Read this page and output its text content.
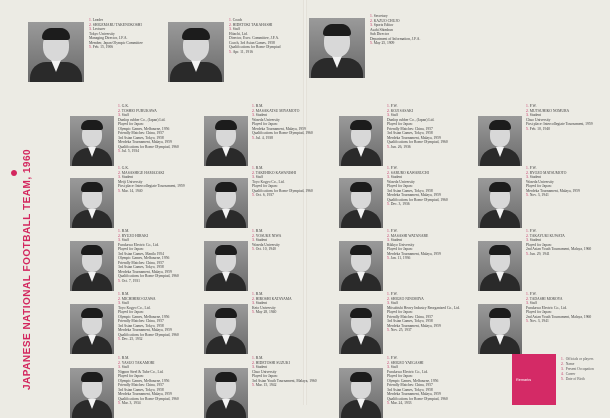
JAPANESE NATIONAL FOOTBALL TEAM, 1960
1.Leader
2.SHIGEMARU TAKENOKOSHI
3.Lecturer
Tokyo University
Managing Director, J.F.A.
Member, Japan Olympic Committee
5.Feb. 15, 1906
1.Coach
2.HIDETOKI TAKAHASHI
3.Staff
Hitachi, Ltd.
Director, Exec. Committee, J.F.A.
Coach, 3rd Asian Games, 1958
Qualifications for Rome Olympiad
5.Apr. 11, 1916
1.Secretary
2.KAZUO CHUJO
3.Sports Editor
Asahi Shimbun
Sub Director
Department of Information, J.F.A.
5.May 25, 1909
1.G.K.
2.TOSHIO FURUKAWA
3.Staff
Dunlop rubber Co., (Japan) Ltd.
Played for Japan:
Olympic Games, Melbourne, 1956
Friendly Matches: China, 1957
3rd Asian Games, Tokyo, 1958
Merdeka Tournament, Malaya, 1959
Qualifications for Rome Olympiad, 1960
5.Jul. 5, 1934
1.G.K.
2.MASASHIGE HAMAZAKI
3.Student
Meiji University
First place: Intercollegiate Tournament, 1959
5.Mar. 14, 1940
1.B.M.
2.RYUZO HIRAKI
3.Staff
Furukawa Electric Co., Ltd.
Played for Japan:
3rd Asian Games, Manila 1954
Olympic Games, Melbourne, 1956
Friendly Matches: China, 1957
3rd Asian Games, Tokyo, 1958
Merdeka Tournament, Malaya, 1959
Qualifications for Rome Olympiad, 1960
5.Oct. 7, 1931
1.B.M.
2.MICHIHIRO OZAWA
3.Staff
Toyo Kogyo Co., Ltd.
Played for Japan:
Olympic Games, Melbourne, 1956
Friendly Matches: China, 1957
3rd Asian Games, Tokyo, 1958
Merdeka Tournament, Malaya, 1959
Qualifications for Rome Olympiad, 1960
5.Dec. 25, 1932
1.B.M.
2.YASUO TAKAMORI
3.Staff
Nippon Steel & Tube Co., Ltd.
Played for Japan:
Olympic Games, Melbourne, 1956
Friendly Matches: China, 1957
3rd Asian Games, Tokyo, 1958
Merdeka Tournament, Malaya, 1959
Qualifications for Rome Olympiad, 1960
5.Mar. 3, 1934
1.B.M.
2.MASAKATSU MIYAMOTO
3.Student
Waseda University
Played for Japan:
Merdeka Tournament, Malaya, 1959
Qualifications for Rome Olympiad, 1960
5.Jul. 4, 1938
1.B.M.
2.TAKEHIKO KAWANISHI
3.Staff
Toyo Kogyo Co., Ltd.
Played for Japan:
Qualifications for Rome Olympiad, 1960
5.Oct. 6, 1937
1.B.M.
2.YOSUKE NIWA
3.Student
Waseda University
5.Oct. 10, 1940
1.B.M.
2.HIROSHI KATAYAMA
3.Student
Keio University
5.May 28, 1940
1.B.M.
2.HIDETOSHI SUZUKI
3.Student
Chuo University
Played for Japan:
3rd Asian Youth Tournament, Malaya, 1960
5.Mar. 15, 1942
1.F.W.
2.KOJI SASAKI
3.Staff
Dunlop rubber Co., (Japan) Ltd.
Played for Japan:
Friendly Matches: China, 1957
3rd Asian Games, Tokyo, 1958
Merdeka Tournament, Malaya, 1959
Qualifications for Rome Olympiad, 1960
5.Jun. 26, 1936
1.F.W.
2.SABURO KAWABUCHI
3.Student
Waseda University
Played for Japan:
3rd Asian Games, Tokyo, 1958
Merdeka Tournament, Malaya, 1959
Qualifications for Rome Olympiad, 1960
5.Dec. 3, 1936
1.F.W.
2.MASASHI WATANABE
3.Student
Rikkyo University
Played for Japan:
Merdeka Tournament, Malaya, 1959
5.Jan. 11, 1936
1.F.W.
2.SHIGEO NINOMIYA
3.Staff
Mitsubishi Heavy Industry Reorganized Co., Ltd.
Played for Japan:
Friendly Matches: China, 1957
3rd Asian Games, Tokyo, 1958
Merdeka Tournament, Malaya, 1959
5.Nov. 25, 1937
1.F.W.
2.SHIGEO YAEGASHI
3.Staff
Furukawa Electric Co., Ltd.
Played for Japan:
Olympic Games, Melbourne, 1956
Friendly Matches: China, 1957
3rd Asian Games, Tokyo, 1958
Merdeka Tournament, Malaya, 1959
Qualifications for Rome Olympiad, 1960
5.Mar. 24, 1933
1.F.W.
2.MUTSUHIKO NOMURA
3.Student
Chuo University
First place: Intercollegiate Tournament, 1959
5.Feb. 10, 1940
1.F.W.
2.RYOZO MATSUMOTO
3.Student
Waseda University
Played for Japan:
Merdeka Tournament, Malaya, 1959
5.Nov. 3, 1941
1.F.W.
2.TAKAYUKI KUWATA
3.Student
Played for Japan:
2nd Asian Youth Tournament, Malaya, 1960
5.Jun. 29, 1941
1.F.W.
2.TADASHI MOROYA
3.Staff
Furukawa Electric Co., Ltd.
Played for Japan:
2nd Asian Youth Tournament, Malaya, 1960
5.Nov. 3, 1941
Remarks
1. Officials or players
2. Name
3. Present Occupation
4. Career
5. Date of Birth
